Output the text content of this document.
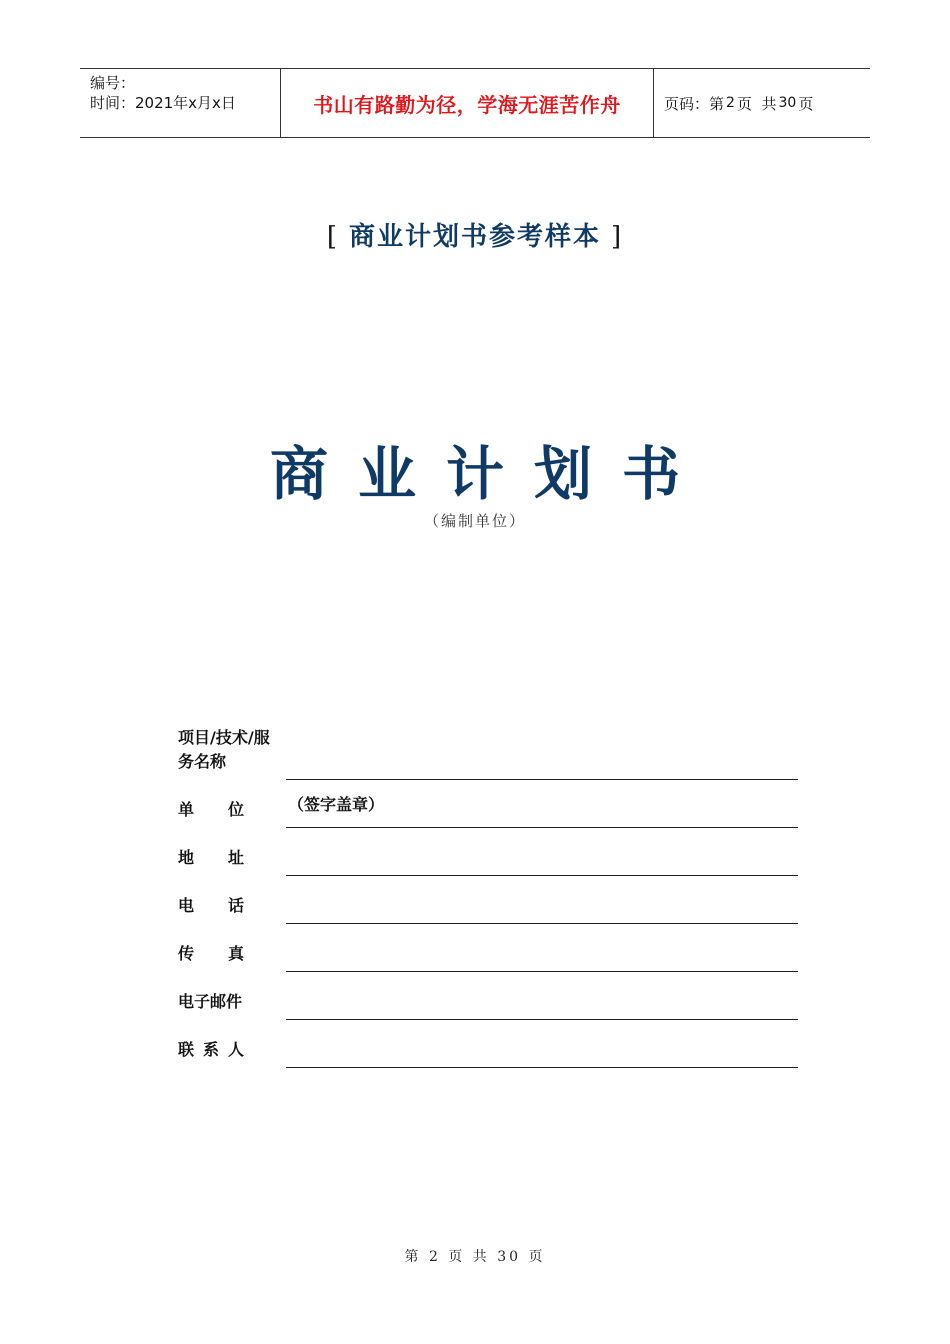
编号：
时间：2021年x月x日	书山有路勤为径，学海无涯苦作舟	页码：第 2 页  共 30 页
[ 商业计划书参考样本 ]
商业计划书
（编制单位）
项目/技术/服务名称
单 位	（签字盖章）
地 址
电 话
传 真
电子邮件
联 系 人
第 2 页 共 30 页
